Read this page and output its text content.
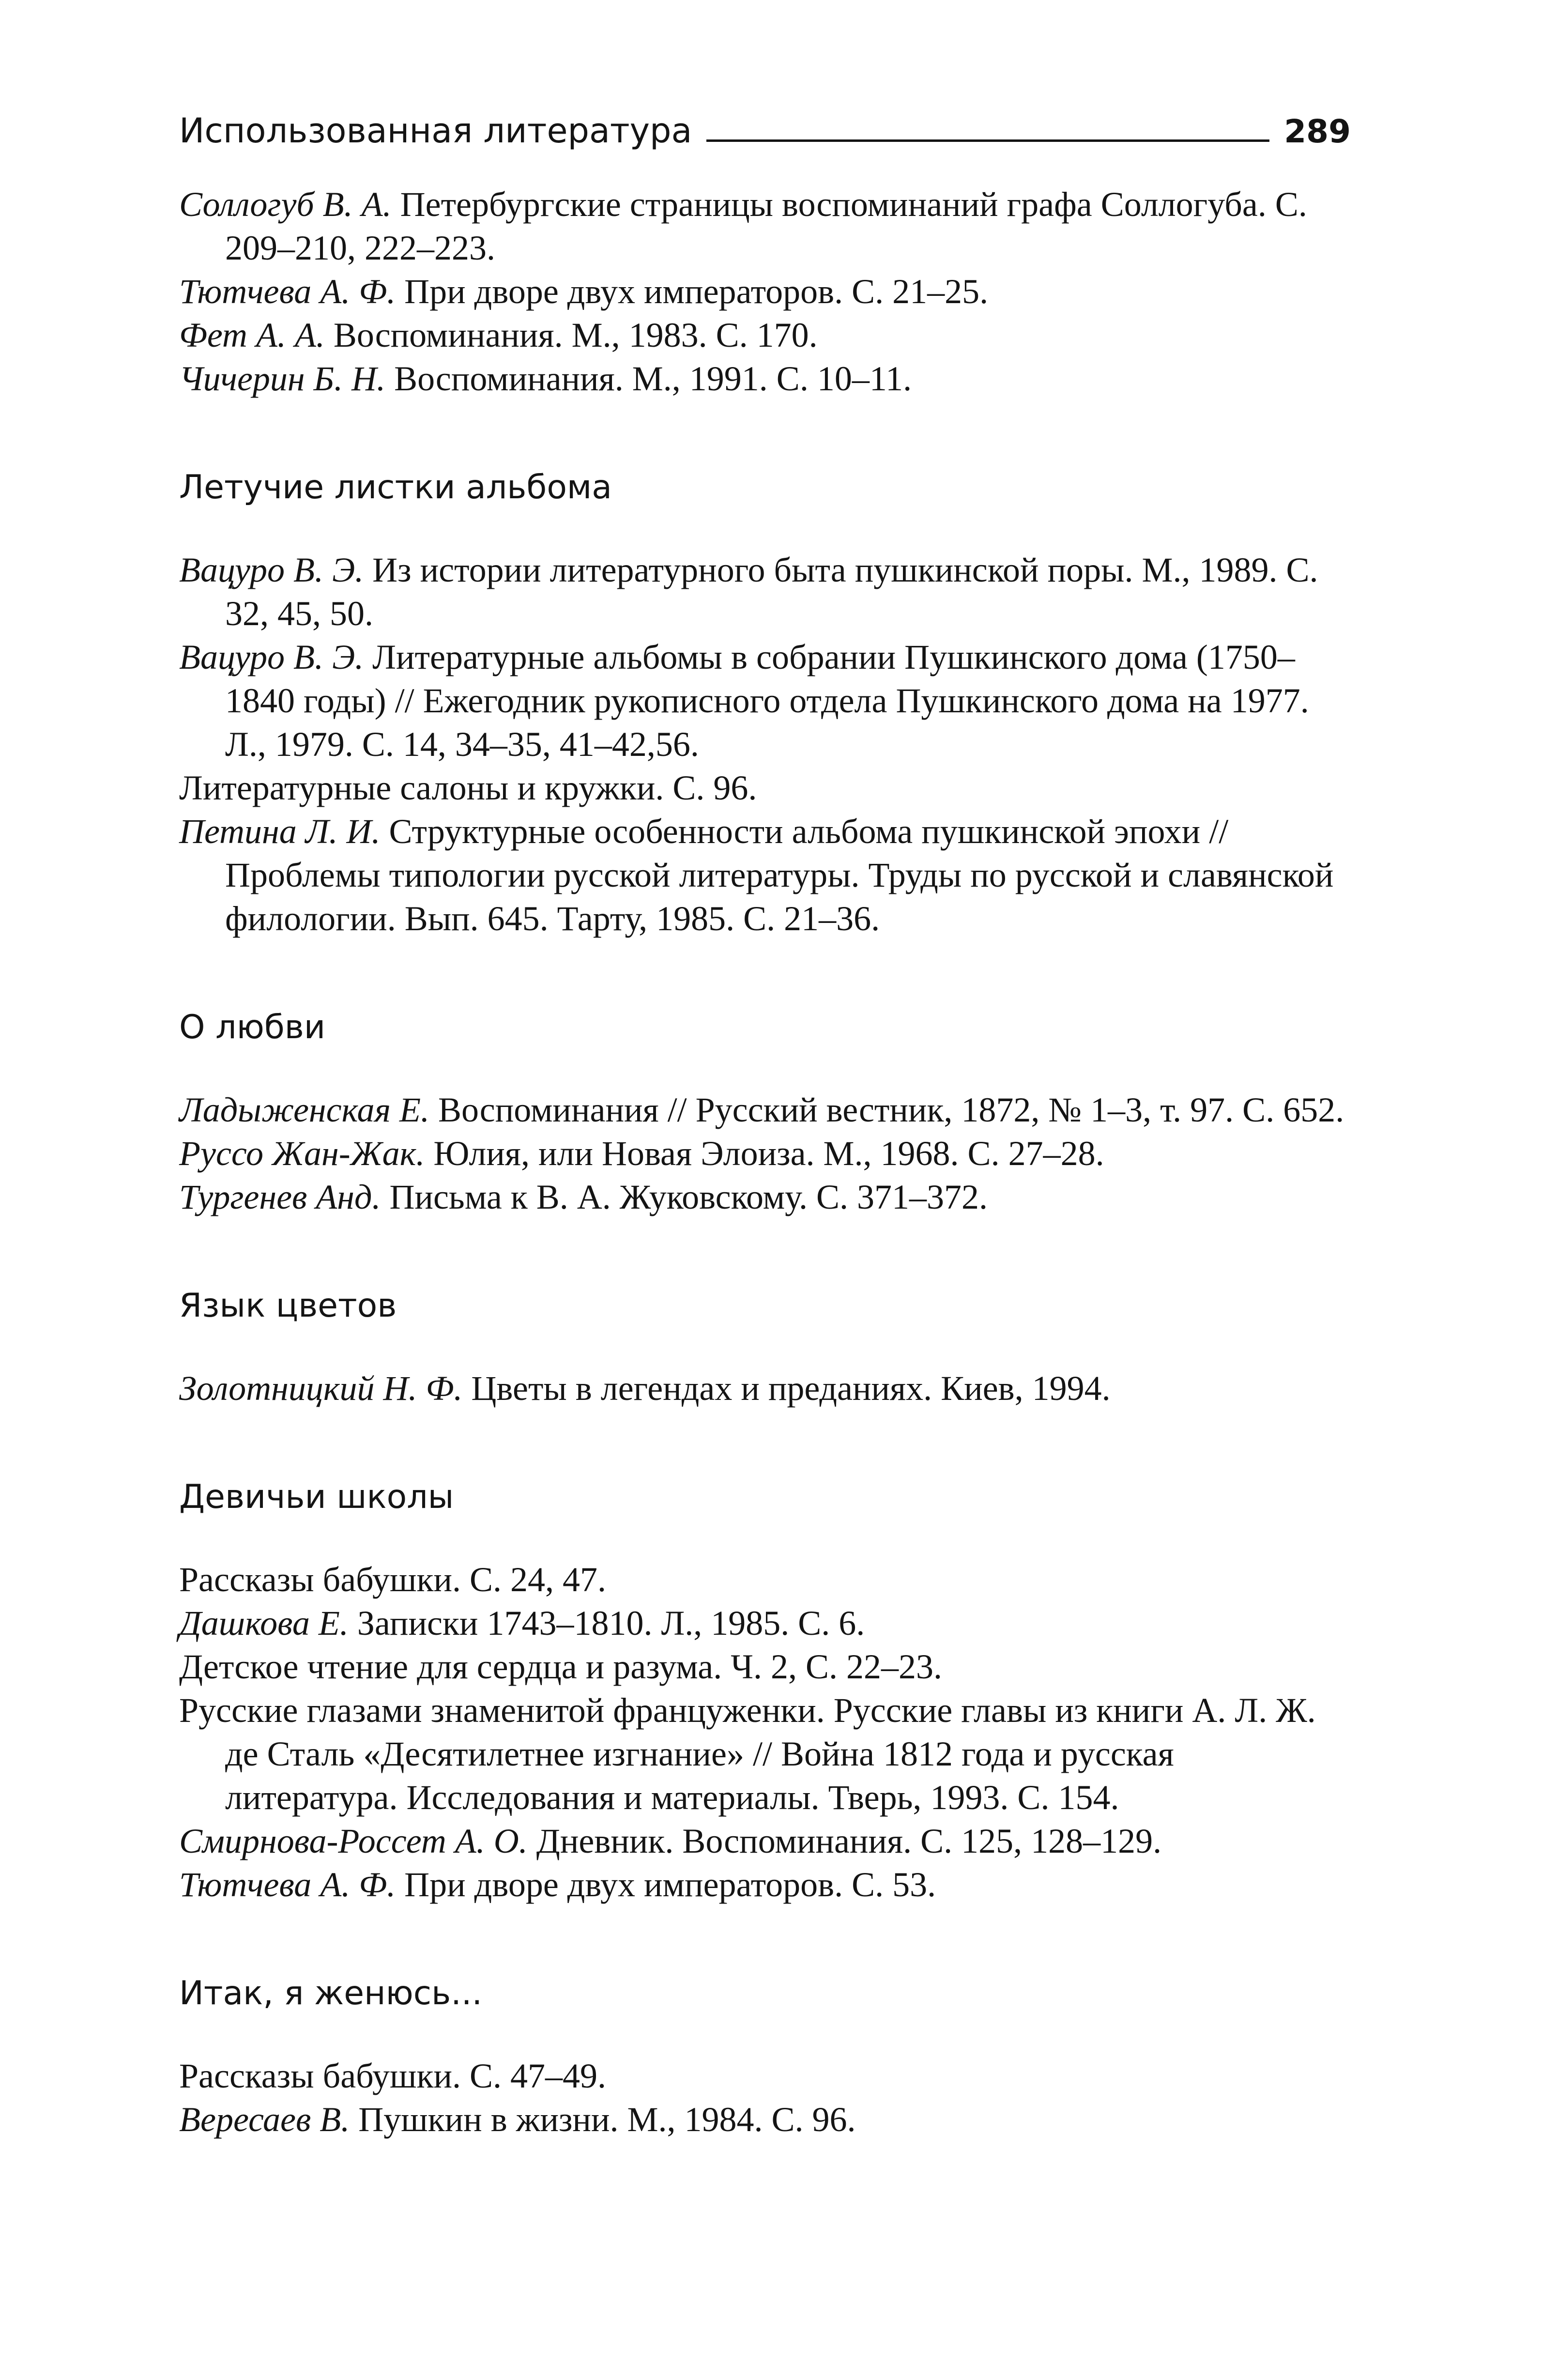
Использованная литература	289

Соллогуб В. А. Петербургские страницы воспоминаний графа Соллогуба. С. 209–210, 222–223.

Тютчева А. Ф. При дворе двух императоров. С. 21–25.

Фет А. А. Воспоминания. М., 1983. С. 170.

Чичерин Б. Н. Воспоминания. М., 1991. С. 10–11.

Летучие листки альбома

Вацуро В. Э. Из истории литературного быта пушкинской поры. М., 1989. С. 32, 45, 50.

Вацуро В. Э. Литературные альбомы в собрании Пушкинского дома (1750–1840 годы) // Ежегодник рукописного отдела Пушкинского дома на 1977. Л., 1979. С. 14, 34–35, 41–42,56.

Литературные салоны и кружки. С. 96.

Петина Л. И. Структурные особенности альбома пушкинской эпохи // Проблемы типологии русской литературы. Труды по русской и славянской филологии. Вып. 645. Тарту, 1985. С. 21–36.

О любви

Ладыженская Е. Воспоминания // Русский вестник, 1872, № 1–3, т. 97. С. 652.

Руссо Жан-Жак. Юлия, или Новая Элоиза. М., 1968. С. 27–28.

Тургенев Анд. Письма к В. А. Жуковскому. С. 371–372.

Язык цветов

Золотницкий Н. Ф. Цветы в легендах и преданиях. Киев, 1994.

Девичьи школы

Рассказы бабушки. С. 24, 47.

Дашкова Е. Записки 1743–1810. Л., 1985. С. 6.

Детское чтение для сердца и разума. Ч. 2, С. 22–23.

Русские глазами знаменитой француженки. Русские главы из книги А. Л. Ж. де Сталь «Десятилетнее изгнание» // Война 1812 года и русская литература. Исследования и материалы. Тверь, 1993. С. 154.

Смирнова-Россет А. О. Дневник. Воспоминания. С. 125, 128–129.

Тютчева А. Ф. При дворе двух императоров. С. 53.

Итак, я женюсь...

Рассказы бабушки. С. 47–49.

Вересаев В. Пушкин в жизни. М., 1984. С. 96.
